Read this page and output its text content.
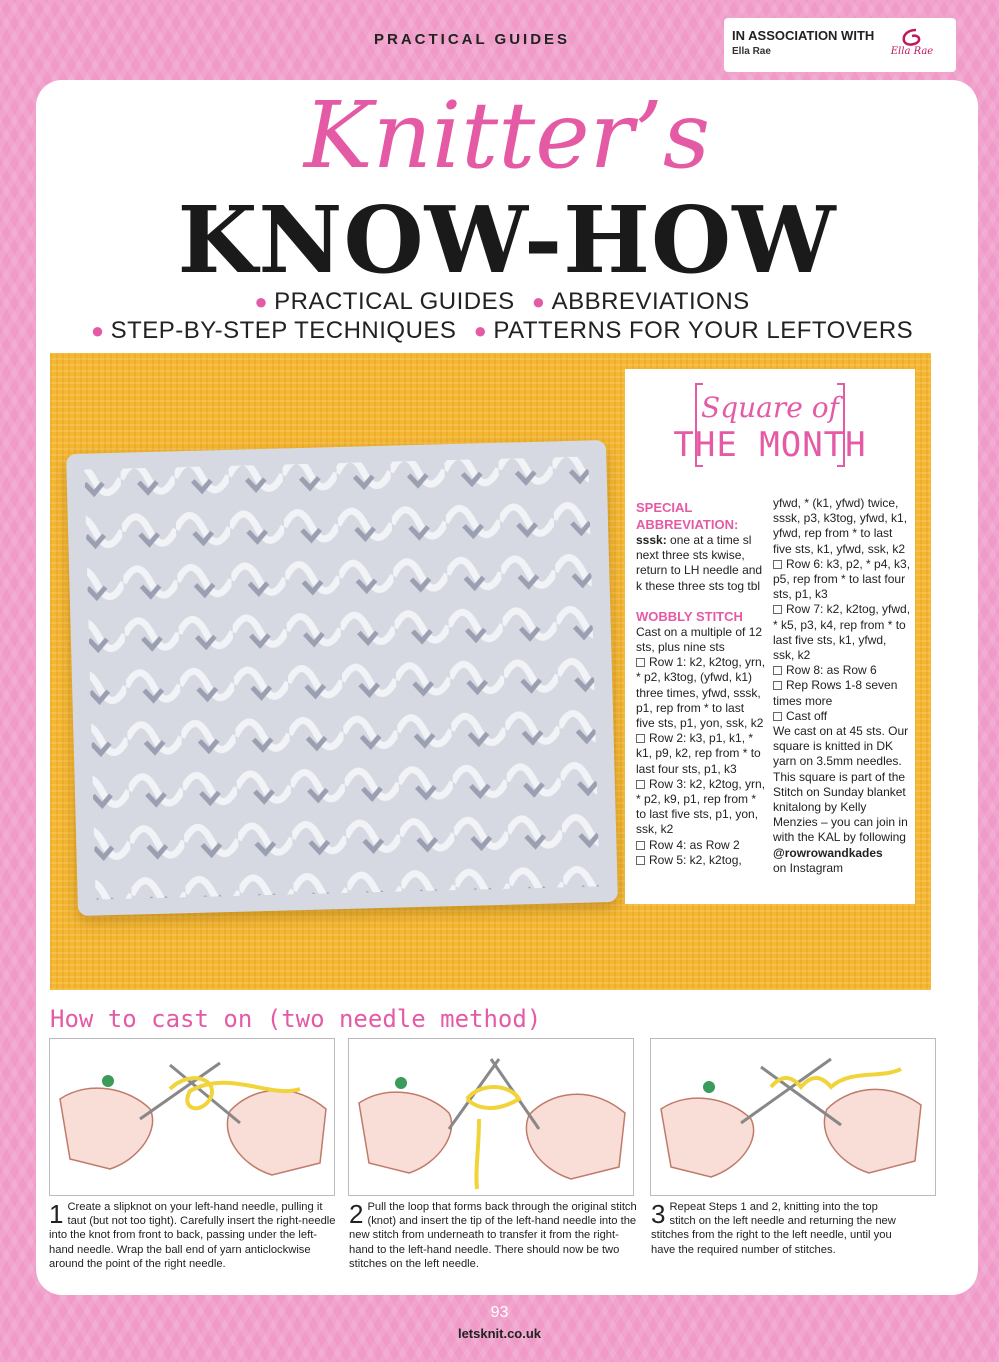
PRACTICAL GUIDES	IN ASSOCIATION WITH
Ella Rae	Ella Rae
Knitter’s
KNOW-HOW
● PRACTICAL GUIDES ● ABBREVIATIONS
● STEP-BY-STEP TECHNIQUES ● PATTERNS FOR YOUR LEFTOVERS
Square of
THE MONTH
SPECIAL ABBREVIATION:
sssk: one at a time sl next three sts kwise, return to LH needle and k these three sts tog tbl
WOBBLY STITCH
Cast on a multiple of 12 sts, plus nine sts
Row 1: k2, k2tog, yrn, * p2, k3tog, (yfwd, k1) three times, yfwd, sssk, p1, rep from * to last five sts, p1, yon, ssk, k2
Row 2: k3, p1, k1, * k1, p9, k2, rep from * to last four sts, p1, k3
Row 3: k2, k2tog, yrn, * p2, k9, p1, rep from * to last five sts, p1, yon, ssk, k2
Row 4: as Row 2
Row 5: k2, k2tog,
yfwd, * (k1, yfwd) twice, sssk, p3, k3tog, yfwd, k1, yfwd, rep from * to last five sts, k1, yfwd, ssk, k2
Row 6: k3, p2, * p4, k3, p5, rep from * to last four sts, p1, k3
Row 7: k2, k2tog, yfwd, * k5, p3, k4, rep from * to last five sts, k1, yfwd, ssk, k2
Row 8: as Row 6
Rep Rows 1-8 seven times more
Cast off
We cast on at 45 sts. Our square is knitted in DK yarn on 3.5mm needles. This square is part of the Stitch on Sunday blanket knitalong by Kelly Menzies – you can join in with the KAL by following
@rowrowandkades
on Instagram
How to cast on (two needle method)
1 Create a slipknot on your left-hand needle, pulling it taut (but not too tight). Carefully insert the right-needle into the knot from front to back, passing under the left-hand needle. Wrap the ball end of yarn anticlockwise around the point of the right needle.
2 Pull the loop that forms back through the original stitch (knot) and insert the tip of the left-hand needle into the new stitch from underneath to transfer it from the right-hand to the left-hand needle. There should now be two stitches on the left needle.
3 Repeat Steps 1 and 2, knitting into the top stitch on the left needle and returning the new stitches from the right to the left needle, until you have the required number of stitches.
93
letsknit.co.uk
